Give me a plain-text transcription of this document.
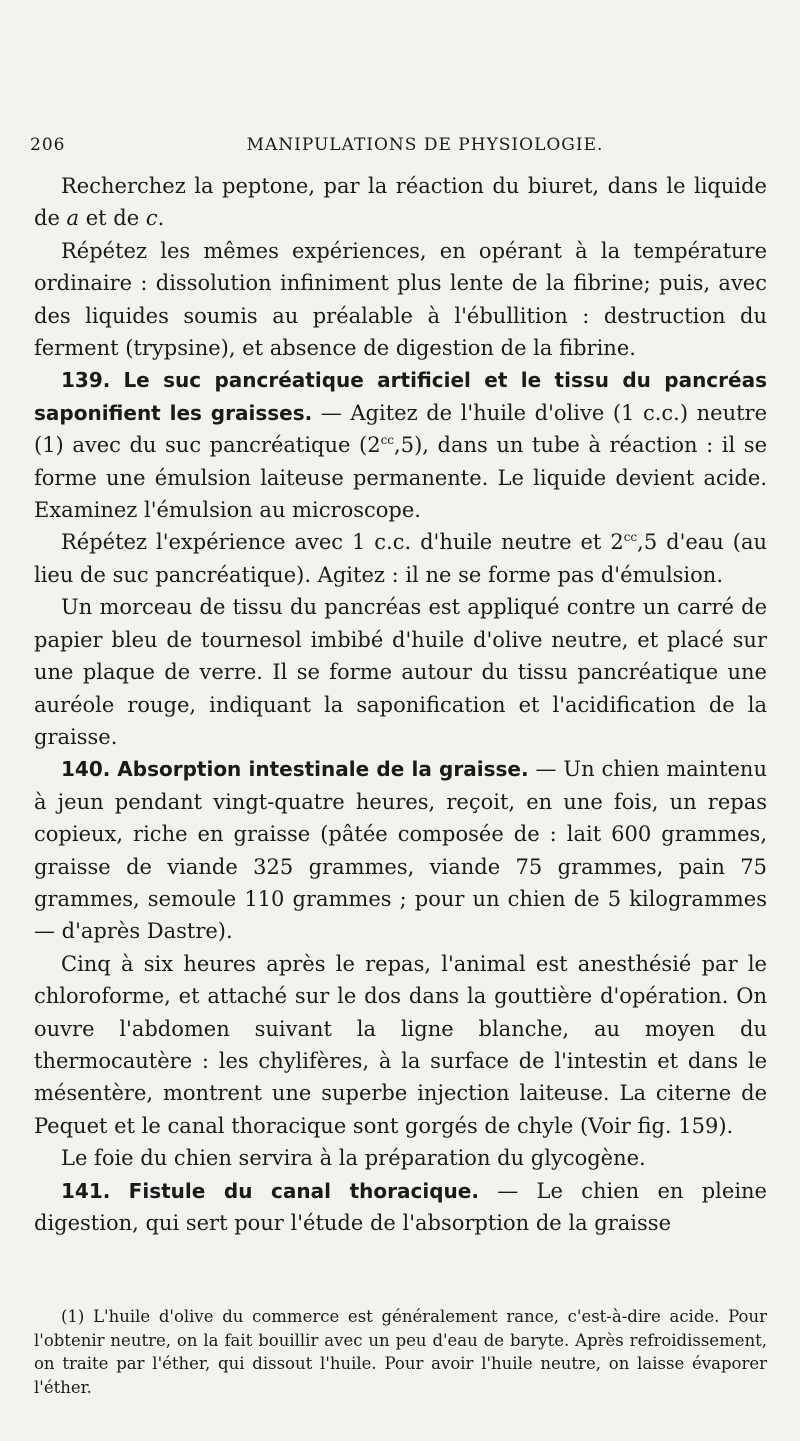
206	MANIPULATIONS DE PHYSIOLOGIE.

Recherchez la peptone, par la réaction du biuret, dans le liquide de a et de c.

Répétez les mêmes expériences, en opérant à la température ordinaire : dissolution infiniment plus lente de la fibrine; puis, avec des liquides soumis au préalable à l'ébullition : destruction du ferment (trypsine), et absence de digestion de la fibrine.

139. Le suc pancréatique artificiel et le tissu du pancréas saponifient les graisses. — Agitez de l'huile d'olive (1 c.c.) neutre (1) avec du suc pancréatique $(2^{cc},5)$, dans un tube à réaction : il se forme une émulsion laiteuse permanente. Le liquide devient acide. Examinez l'émulsion au microscope.

Répétez l'expérience avec 1 c.c. d'huile neutre et $2^{cc},5$ d'eau (au lieu de suc pancréatique). Agitez : il ne se forme pas d'émulsion.

Un morceau de tissu du pancréas est appliqué contre un carré de papier bleu de tournesol imbibé d'huile d'olive neutre, et placé sur une plaque de verre. Il se forme autour du tissu pancréatique une auréole rouge, indiquant la saponification et l'acidification de la graisse.

140. Absorption intestinale de la graisse. — Un chien maintenu à jeun pendant vingt-quatre heures, reçoit, en une fois, un repas copieux, riche en graisse (pâtée composée de : lait 600 grammes, graisse de viande 325 grammes, viande 75 grammes, pain 75 grammes, semoule 110 grammes ; pour un chien de 5 kilogrammes — d'après Dastre).

Cinq à six heures après le repas, l'animal est anesthésié par le chloroforme, et attaché sur le dos dans la gouttière d'opération. On ouvre l'abdomen suivant la ligne blanche, au moyen du thermocautère : les chylifères, à la surface de l'intestin et dans le mésentère, montrent une superbe injection laiteuse. La citerne de Pequet et le canal thoracique sont gorgés de chyle (Voir fig. 159).

Le foie du chien servira à la préparation du glycogène.

141. Fistule du canal thoracique. — Le chien en pleine digestion, qui sert pour l'étude de l'absorption de la graisse

(1) L'huile d'olive du commerce est généralement rance, c'est-à-dire acide. Pour l'obtenir neutre, on la fait bouillir avec un peu d'eau de baryte. Après refroidissement, on traite par l'éther, qui dissout l'huile. Pour avoir l'huile neutre, on laisse évaporer l'éther.
